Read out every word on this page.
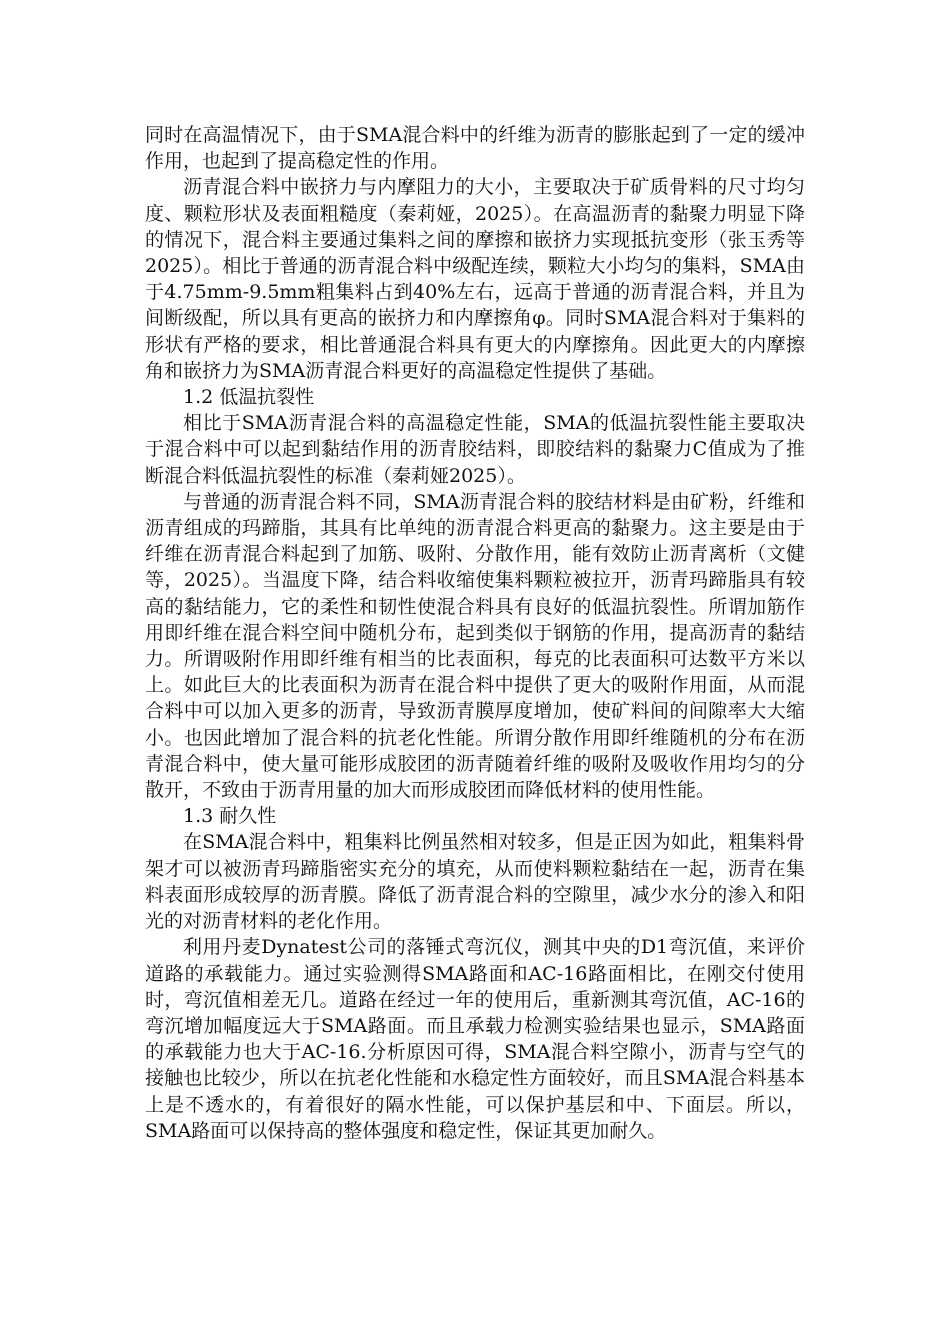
同时在高温情况下，由于SMA混合料中的纤维为沥青的膨胀起到了一定的缓冲作用，也起到了提高稳定性的作用。

沥青混合料中嵌挤力与内摩阻力的大小，主要取决于矿质骨料的尺寸均匀度、颗粒形状及表面粗糙度（秦莉娅，2025）。在高温沥青的黏聚力明显下降的情况下，混合料主要通过集料之间的摩擦和嵌挤力实现抵抗变形（张玉秀等2025）。相比于普通的沥青混合料中级配连续，颗粒大小均匀的集料，SMA由于4.75mm-9.5mm粗集料占到40%左右，远高于普通的沥青混合料，并且为间断级配，所以具有更高的嵌挤力和内摩擦角φ。同时SMA混合料对于集料的形状有严格的要求，相比普通混合料具有更大的内摩擦角。因此更大的内摩擦角和嵌挤力为SMA沥青混合料更好的高温稳定性提供了基础。

1.2 低温抗裂性

相比于SMA沥青混合料的高温稳定性能，SMA的低温抗裂性能主要取决于混合料中可以起到黏结作用的沥青胶结料，即胶结料的黏聚力C值成为了推断混合料低温抗裂性的标准（秦莉娅2025）。

与普通的沥青混合料不同，SMA沥青混合料的胶结材料是由矿粉，纤维和沥青组成的玛蹄脂，其具有比单纯的沥青混合料更高的黏聚力。这主要是由于纤维在沥青混合料起到了加筋、吸附、分散作用，能有效防止沥青离析（文健等，2025）。当温度下降，结合料收缩使集料颗粒被拉开，沥青玛蹄脂具有较高的黏结能力，它的柔性和韧性使混合料具有良好的低温抗裂性。所谓加筋作用即纤维在混合料空间中随机分布，起到类似于钢筋的作用，提高沥青的黏结力。所谓吸附作用即纤维有相当的比表面积，每克的比表面积可达数平方米以上。如此巨大的比表面积为沥青在混合料中提供了更大的吸附作用面，从而混合料中可以加入更多的沥青，导致沥青膜厚度增加，使矿料间的间隙率大大缩小。也因此增加了混合料的抗老化性能。所谓分散作用即纤维随机的分布在沥青混合料中，使大量可能形成胶团的沥青随着纤维的吸附及吸收作用均匀的分散开，不致由于沥青用量的加大而形成胶团而降低材料的使用性能。

1.3 耐久性

在SMA混合料中，粗集料比例虽然相对较多，但是正因为如此，粗集料骨架才可以被沥青玛蹄脂密实充分的填充，从而使料颗粒黏结在一起，沥青在集料表面形成较厚的沥青膜。降低了沥青混合料的空隙里，减少水分的渗入和阳光的对沥青材料的老化作用。

利用丹麦Dynatest公司的落锤式弯沉仪，测其中央的D1弯沉值，来评价道路的承载能力。通过实验测得SMA路面和AC-16路面相比，在刚交付使用时，弯沉值相差无几。道路在经过一年的使用后，重新测其弯沉值，AC-16的弯沉增加幅度远大于SMA路面。而且承载力检测实验结果也显示，SMA路面的承载能力也大于AC-16.分析原因可得，SMA混合料空隙小，沥青与空气的接触也比较少，所以在抗老化性能和水稳定性方面较好，而且SMA混合料基本上是不透水的，有着很好的隔水性能，可以保护基层和中、下面层。所以，SMA路面可以保持高的整体强度和稳定性，保证其更加耐久。
